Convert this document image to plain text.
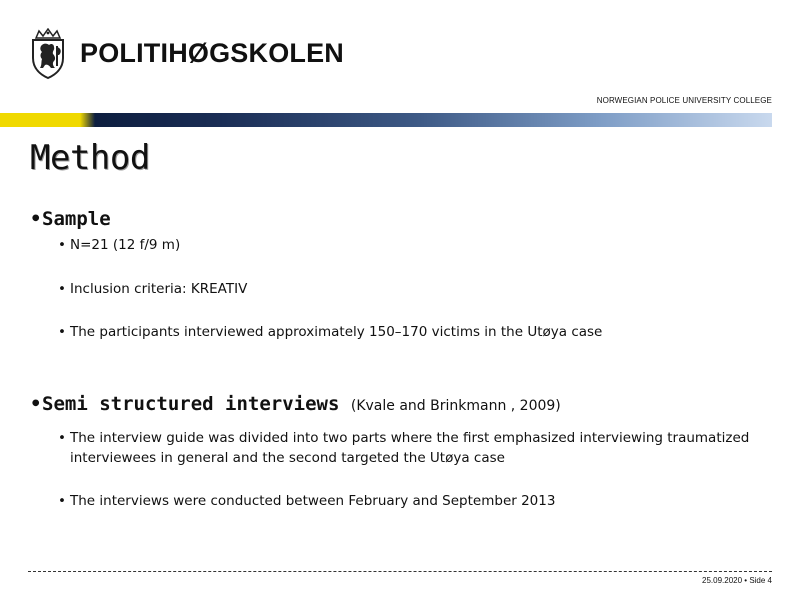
POLITIHØGSKOLEN
NORWEGIAN POLICE UNIVERSITY COLLEGE
Method
•Sample
• N=21 (12 f/9 m)
• Inclusion criteria: KREATIV
• The participants interviewed approximately 150–170 victims in the Utøya case
•Semi structured interviews (Kvale and Brinkmann , 2009)
• The interview guide was divided into two parts where the first emphasized interviewing traumatized interviewees in general and the second targeted the Utøya case
• The interviews were conducted between February and September 2013
25.09.2020 • Side 4
